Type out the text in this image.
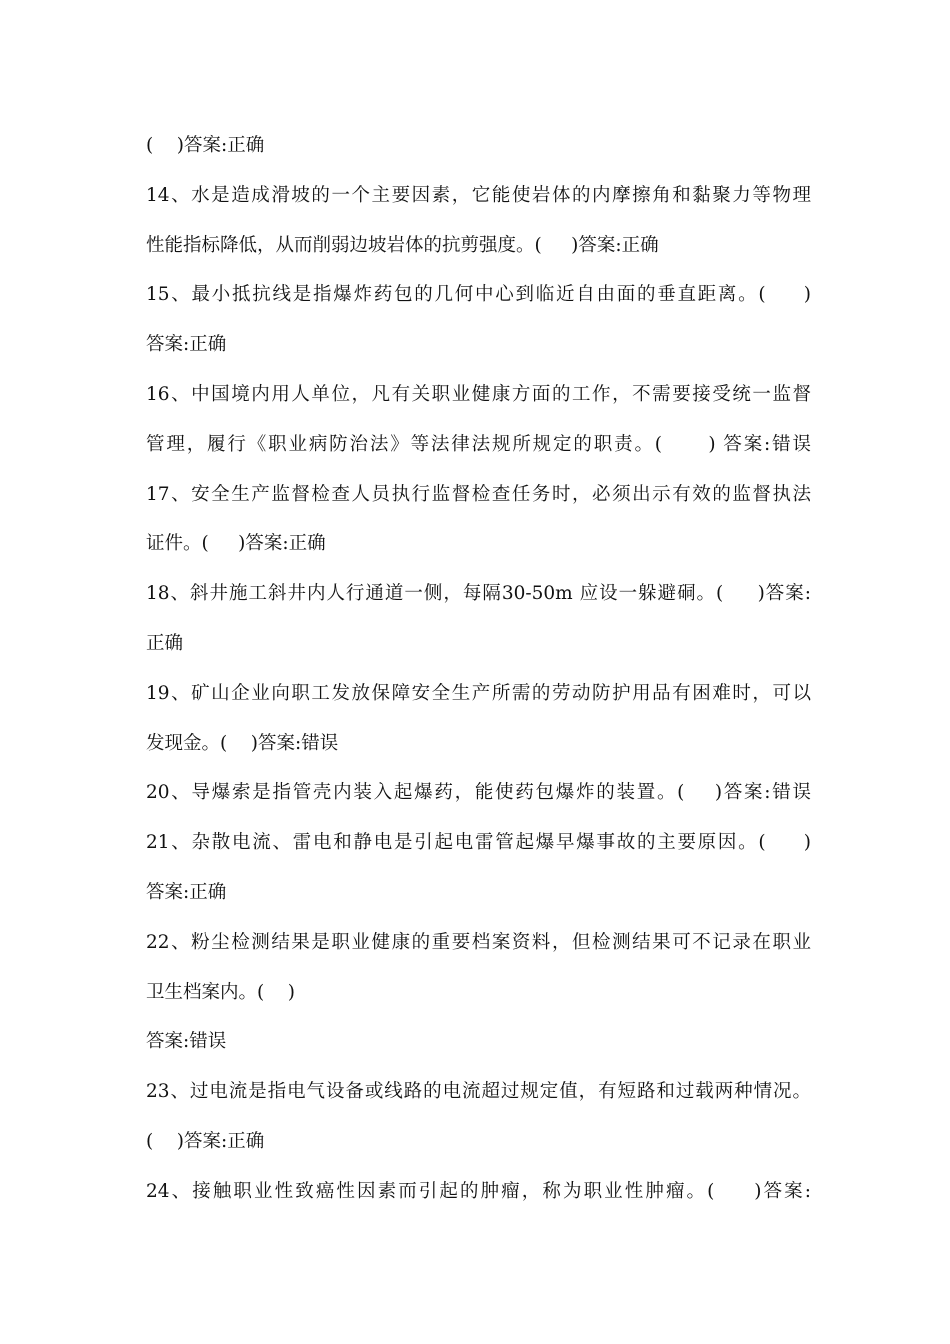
(    )答案:正确
14、水是造成滑坡的一个主要因素，它能使岩体的内摩擦角和黏聚力等物理
性能指标降低，从而削弱边坡岩体的抗剪强度。(     )答案:正确
15、最小抵抗线是指爆炸药包的几何中心到临近自由面的垂直距离。(     )
答案:正确
16、中国境内用人单位，凡有关职业健康方面的工作，不需要接受统一监督
管理，履行《职业病防治法》等法律法规所规定的职责。(      ) 答案:错误
17、安全生产监督检查人员执行监督检查任务时，必须出示有效的监督执法
证件。(     )答案:正确
18、斜井施工斜井内人行通道一侧，每隔30-50m 应设一躲避硐。(     )答案:
正确
19、矿山企业向职工发放保障安全生产所需的劳动防护用品有困难时，可以
发现金。(    )答案:错误
20、导爆索是指管壳内装入起爆药，能使药包爆炸的装置。(    )答案:错误
21、杂散电流、雷电和静电是引起电雷管起爆早爆事故的主要原因。(     )
答案:正确
22、粉尘检测结果是职业健康的重要档案资料，但检测结果可不记录在职业
卫生档案内。(    )
答案:错误
23、过电流是指电气设备或线路的电流超过规定值，有短路和过载两种情况。
(    )答案:正确
24、接触职业性致癌性因素而引起的肿瘤，称为职业性肿瘤。(     )答案:
